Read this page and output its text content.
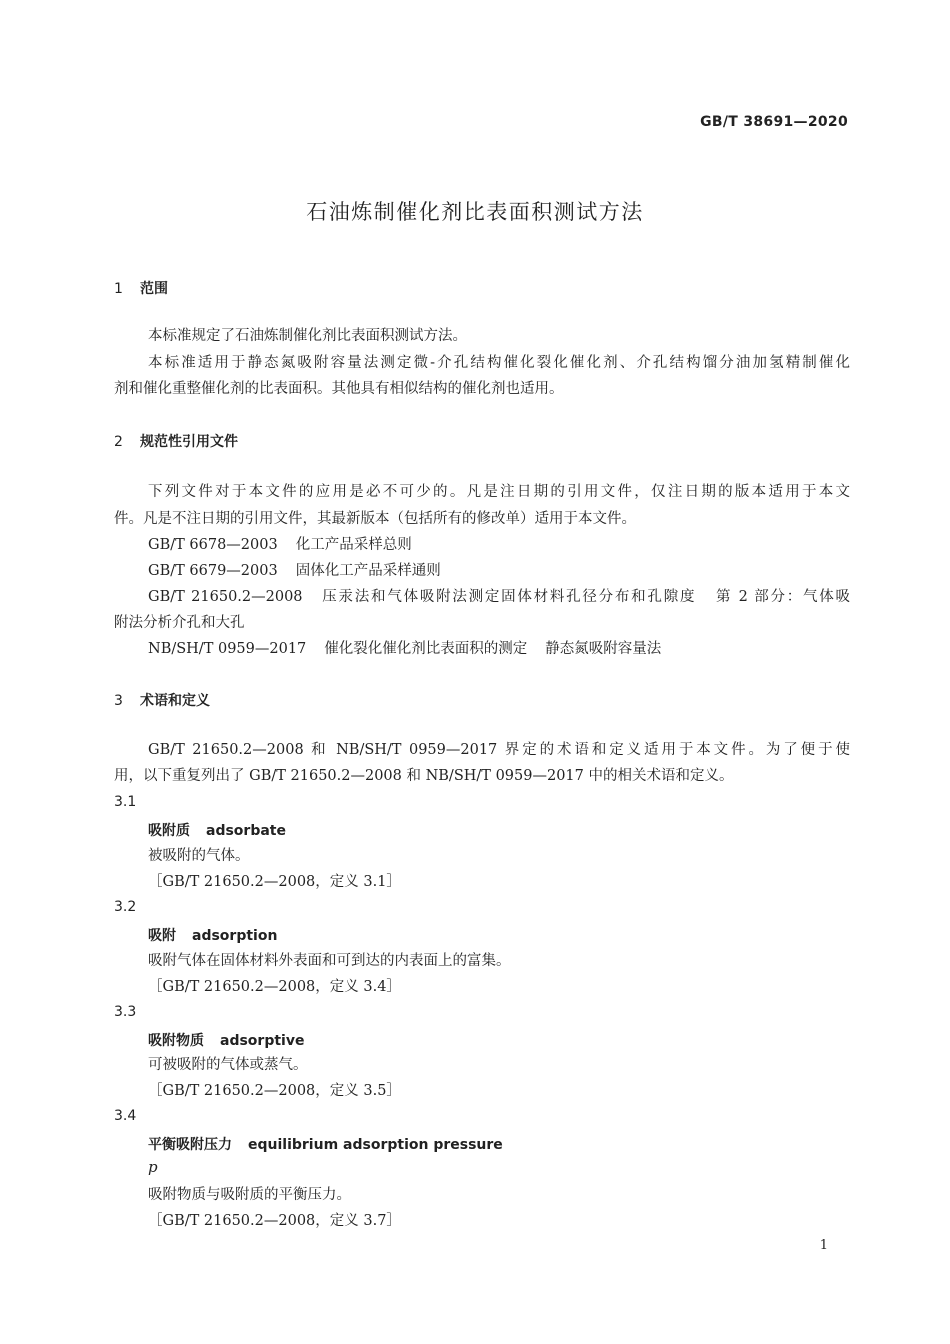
GB/T 38691—2020
石油炼制催化剂比表面积测试方法
1 范围
本标准规定了石油炼制催化剂比表面积测试方法。
本标准适用于静态氮吸附容量法测定微-介孔结构催化裂化催化剂、介孔结构馏分油加氢精制催化
剂和催化重整催化剂的比表面积。其他具有相似结构的催化剂也适用。
2 规范性引用文件
下列文件对于本文件的应用是必不可少的。凡是注日期的引用文件，仅注日期的版本适用于本文
件。凡是不注日期的引用文件，其最新版本（包括所有的修改单）适用于本文件。
GB/T 6678—2003 化工产品采样总则
GB/T 6679—2003 固体化工产品采样通则
GB/T 21650.2—2008 压汞法和气体吸附法测定固体材料孔径分布和孔隙度 第 2 部分：气体吸
附法分析介孔和大孔
NB/SH/T 0959—2017 催化裂化催化剂比表面积的测定 静态氮吸附容量法
3 术语和定义
GB/T 21650.2—2008 和 NB/SH/T 0959—2017 界定的术语和定义适用于本文件。为了便于使
用，以下重复列出了 GB/T 21650.2—2008 和 NB/SH/T 0959—2017 中的相关术语和定义。
3.1
吸附质 adsorbate
被吸附的气体。
［GB/T 21650.2—2008，定义 3.1］
3.2
吸附 adsorption
吸附气体在固体材料外表面和可到达的内表面上的富集。
［GB/T 21650.2—2008，定义 3.4］
3.3
吸附物质 adsorptive
可被吸附的气体或蒸气。
［GB/T 21650.2—2008，定义 3.5］
3.4
平衡吸附压力 equilibrium adsorption pressure
p
吸附物质与吸附质的平衡压力。
［GB/T 21650.2—2008，定义 3.7］
1
